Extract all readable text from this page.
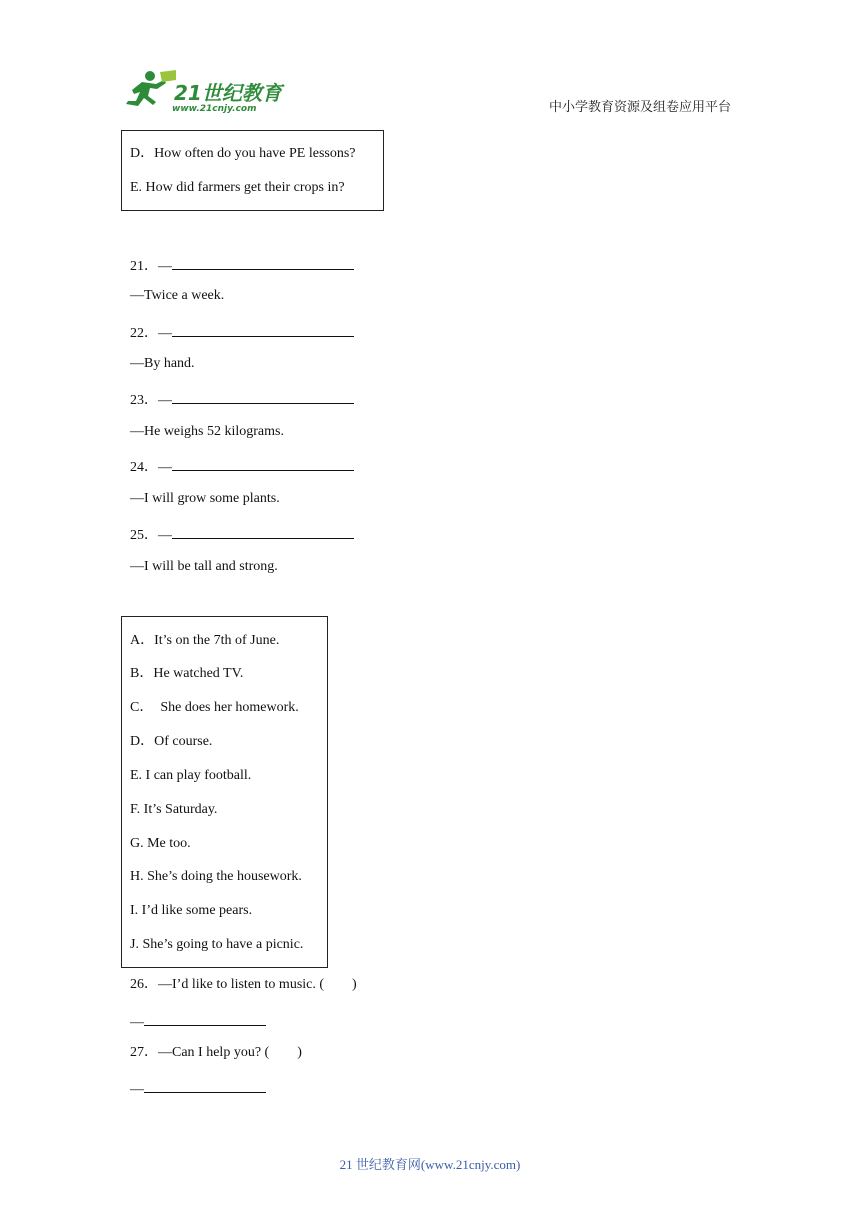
21世纪教育
www.21cnjy.com	中小学教育资源及组卷应用平台
D．How often do you have PE lessons?
E. How did farmers get their crops in?
21．—
—Twice a week.
22．—
—By hand.
23．—
—He weighs 52 kilograms.
24．—
—I will grow some plants.
25．—
—I will be tall and strong.
A．It’s on the 7th of June.
B．He watched TV.
C．  She does her homework.
D．Of course.
E. I can play football.
F. It’s Saturday.
G. Me too.
H. She’s doing the housework.
I. I’d like some pears.
J. She’s going to have a picnic.
26．—I’d like to listen to music. (        )
—
27．—Can I help you? (        )
—
21 世纪教育网(www.21cnjy.com)
